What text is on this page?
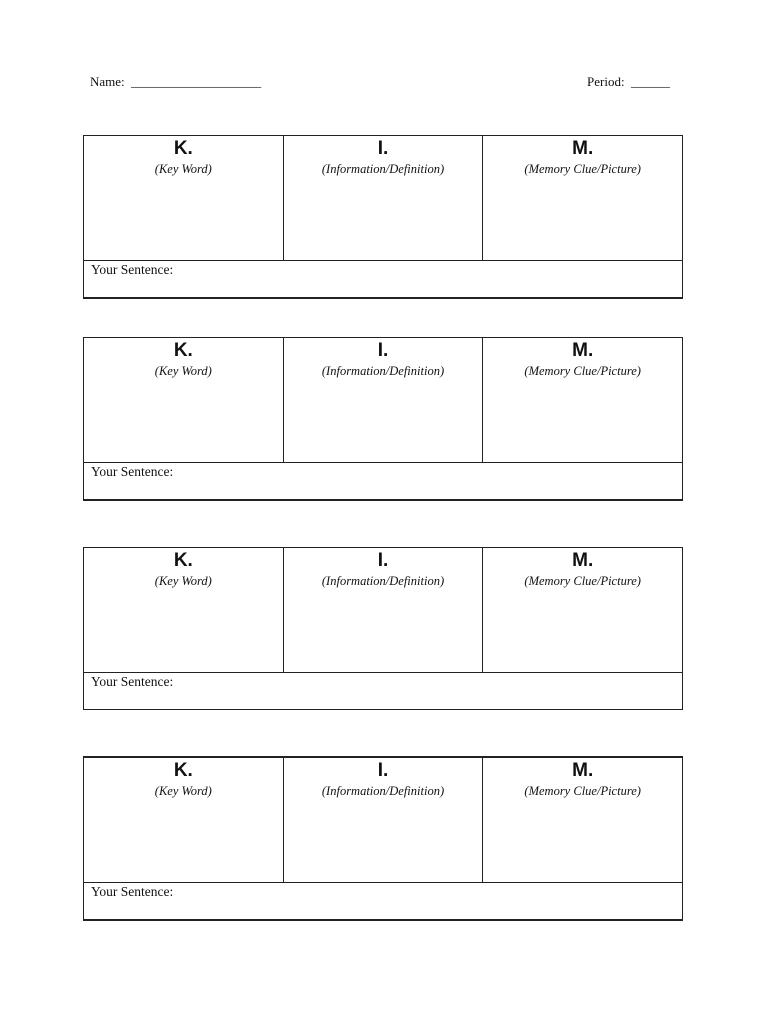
Name:  ____________________	Period:  ______
K.
(Key Word)
I.
(Information/Definition)
M.
(Memory Clue/Picture)
Your Sentence:
K.
(Key Word)
I.
(Information/Definition)
M.
(Memory Clue/Picture)
Your Sentence:
K.
(Key Word)
I.
(Information/Definition)
M.
(Memory Clue/Picture)
Your Sentence:
K.
(Key Word)
I.
(Information/Definition)
M.
(Memory Clue/Picture)
Your Sentence:
